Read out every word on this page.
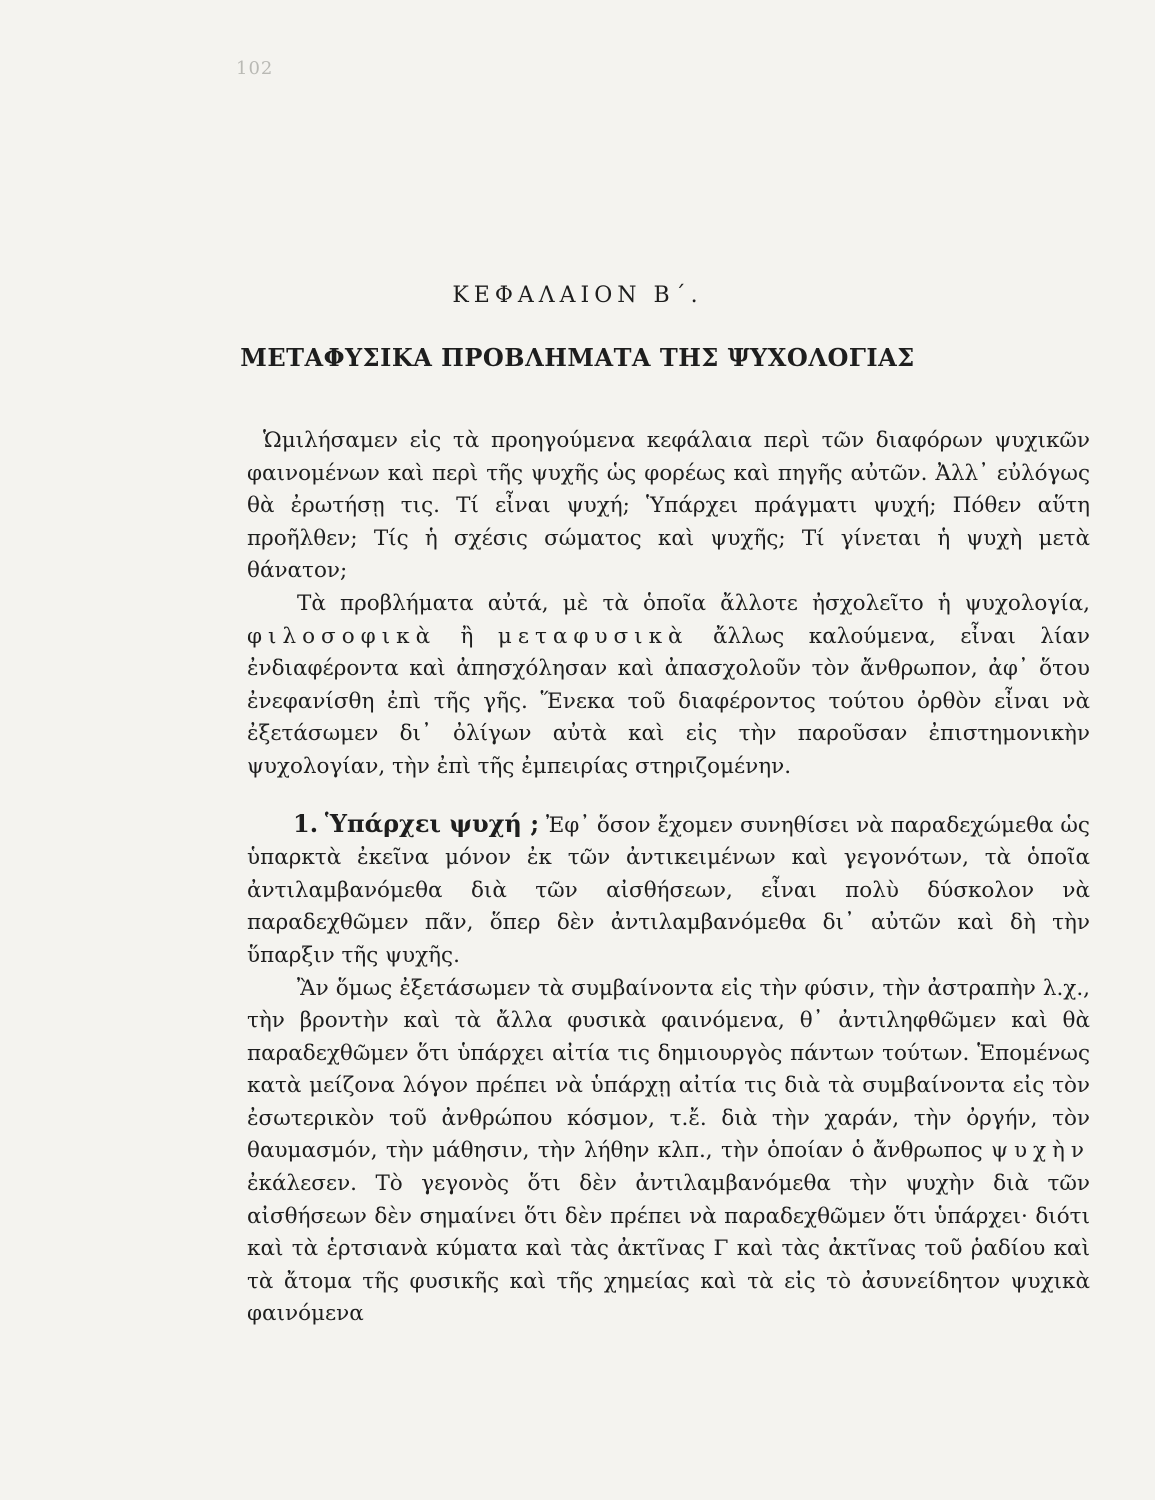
102
ΚΕΦΑΛΑΙΟΝ Β΄.
ΜΕΤΑΦΥΣΙΚΑ ΠΡΟΒΛΗΜΑΤΑ ΤΗΣ ΨΥΧΟΛΟΓΙΑΣ

Ὡμιλήσαμεν εἰς τὰ προηγούμενα κεφάλαια περὶ τῶν διαφόρων ψυχικῶν φαινομένων καὶ περὶ τῆς ψυχῆς ὡς φορέως καὶ πηγῆς αὐτῶν. Ἀλλ᾽ εὐλόγως θὰ ἐρωτήσῃ τις. Τί εἶναι ψυχή; Ὑπάρχει πράγματι ψυχή; Πόθεν αὕτη προῆλθεν; Τίς ἡ σχέσις σώματος καὶ ψυχῆς; Τί γίνεται ἡ ψυχὴ μετὰ θάνατον;

Τὰ προβλήματα αὐτά, μὲ τὰ ὁποῖα ἄλλοτε ἠσχολεῖτο ἡ ψυχολογία, φιλοσοφικὰ ἢ μεταφυσικὰ ἄλλως καλούμενα, εἶναι λίαν ἐνδιαφέροντα καὶ ἀπησχόλησαν καὶ ἀπασχολοῦν τὸν ἄνθρωπον, ἀφ᾽ ὅτου ἐνεφανίσθη ἐπὶ τῆς γῆς. Ἕνεκα τοῦ διαφέροντος τούτου ὀρθὸν εἶναι νὰ ἐξετάσωμεν δι᾽ ὀλίγων αὐτὰ καὶ εἰς τὴν παροῦσαν ἐπιστημονικὴν ψυχολογίαν, τὴν ἐπὶ τῆς ἐμπειρίας στηριζομένην.

1. Ὑπάρχει ψυχή ; Ἐφ᾽ ὅσον ἔχομεν συνηθίσει νὰ παραδεχώμεθα ὡς ὑπαρκτὰ ἐκεῖνα μόνον ἐκ τῶν ἀντικειμένων καὶ γεγονότων, τὰ ὁποῖα ἀντιλαμβανόμεθα διὰ τῶν αἰσθήσεων, εἶναι πολὺ δύσκολον νὰ παραδεχθῶμεν πᾶν, ὅπερ δὲν ἀντιλαμβανόμεθα δι᾽ αὐτῶν καὶ δὴ τὴν ὕπαρξιν τῆς ψυχῆς.

Ἂν ὅμως ἐξετάσωμεν τὰ συμβαίνοντα εἰς τὴν φύσιν, τὴν ἀστραπὴν λ.χ., τὴν βροντὴν καὶ τὰ ἄλλα φυσικὰ φαινόμενα, θ᾽ ἀντιληφθῶμεν καὶ θὰ παραδεχθῶμεν ὅτι ὑπάρχει αἰτία τις δημιουργὸς πάντων τούτων. Ἑπομένως κατὰ μείζονα λόγον πρέπει νὰ ὑπάρχῃ αἰτία τις διὰ τὰ συμβαίνοντα εἰς τὸν ἐσωτερικὸν τοῦ ἀνθρώπου κόσμον, τ.ἔ. διὰ τὴν χαράν, τὴν ὀργήν, τὸν θαυμασμόν, τὴν μάθησιν, τὴν λήθην κλπ., τὴν ὁποίαν ὁ ἄνθρωπος ψυχὴν ἐκάλεσεν. Τὸ γεγονὸς ὅτι δὲν ἀντιλαμβανόμεθα τὴν ψυχὴν διὰ τῶν αἰσθήσεων δὲν σημαίνει ὅτι δὲν πρέπει νὰ παραδεχθῶμεν ὅτι ὑπάρχει· διότι καὶ τὰ ἑρτσιανὰ κύματα καὶ τὰς ἀκτῖνας Γ καὶ τὰς ἀκτῖνας τοῦ ῥαδίου καὶ τὰ ἄτομα τῆς φυσικῆς καὶ τῆς χημείας καὶ τὰ εἰς τὸ ἀσυνείδητον ψυχικὰ φαινόμενα
